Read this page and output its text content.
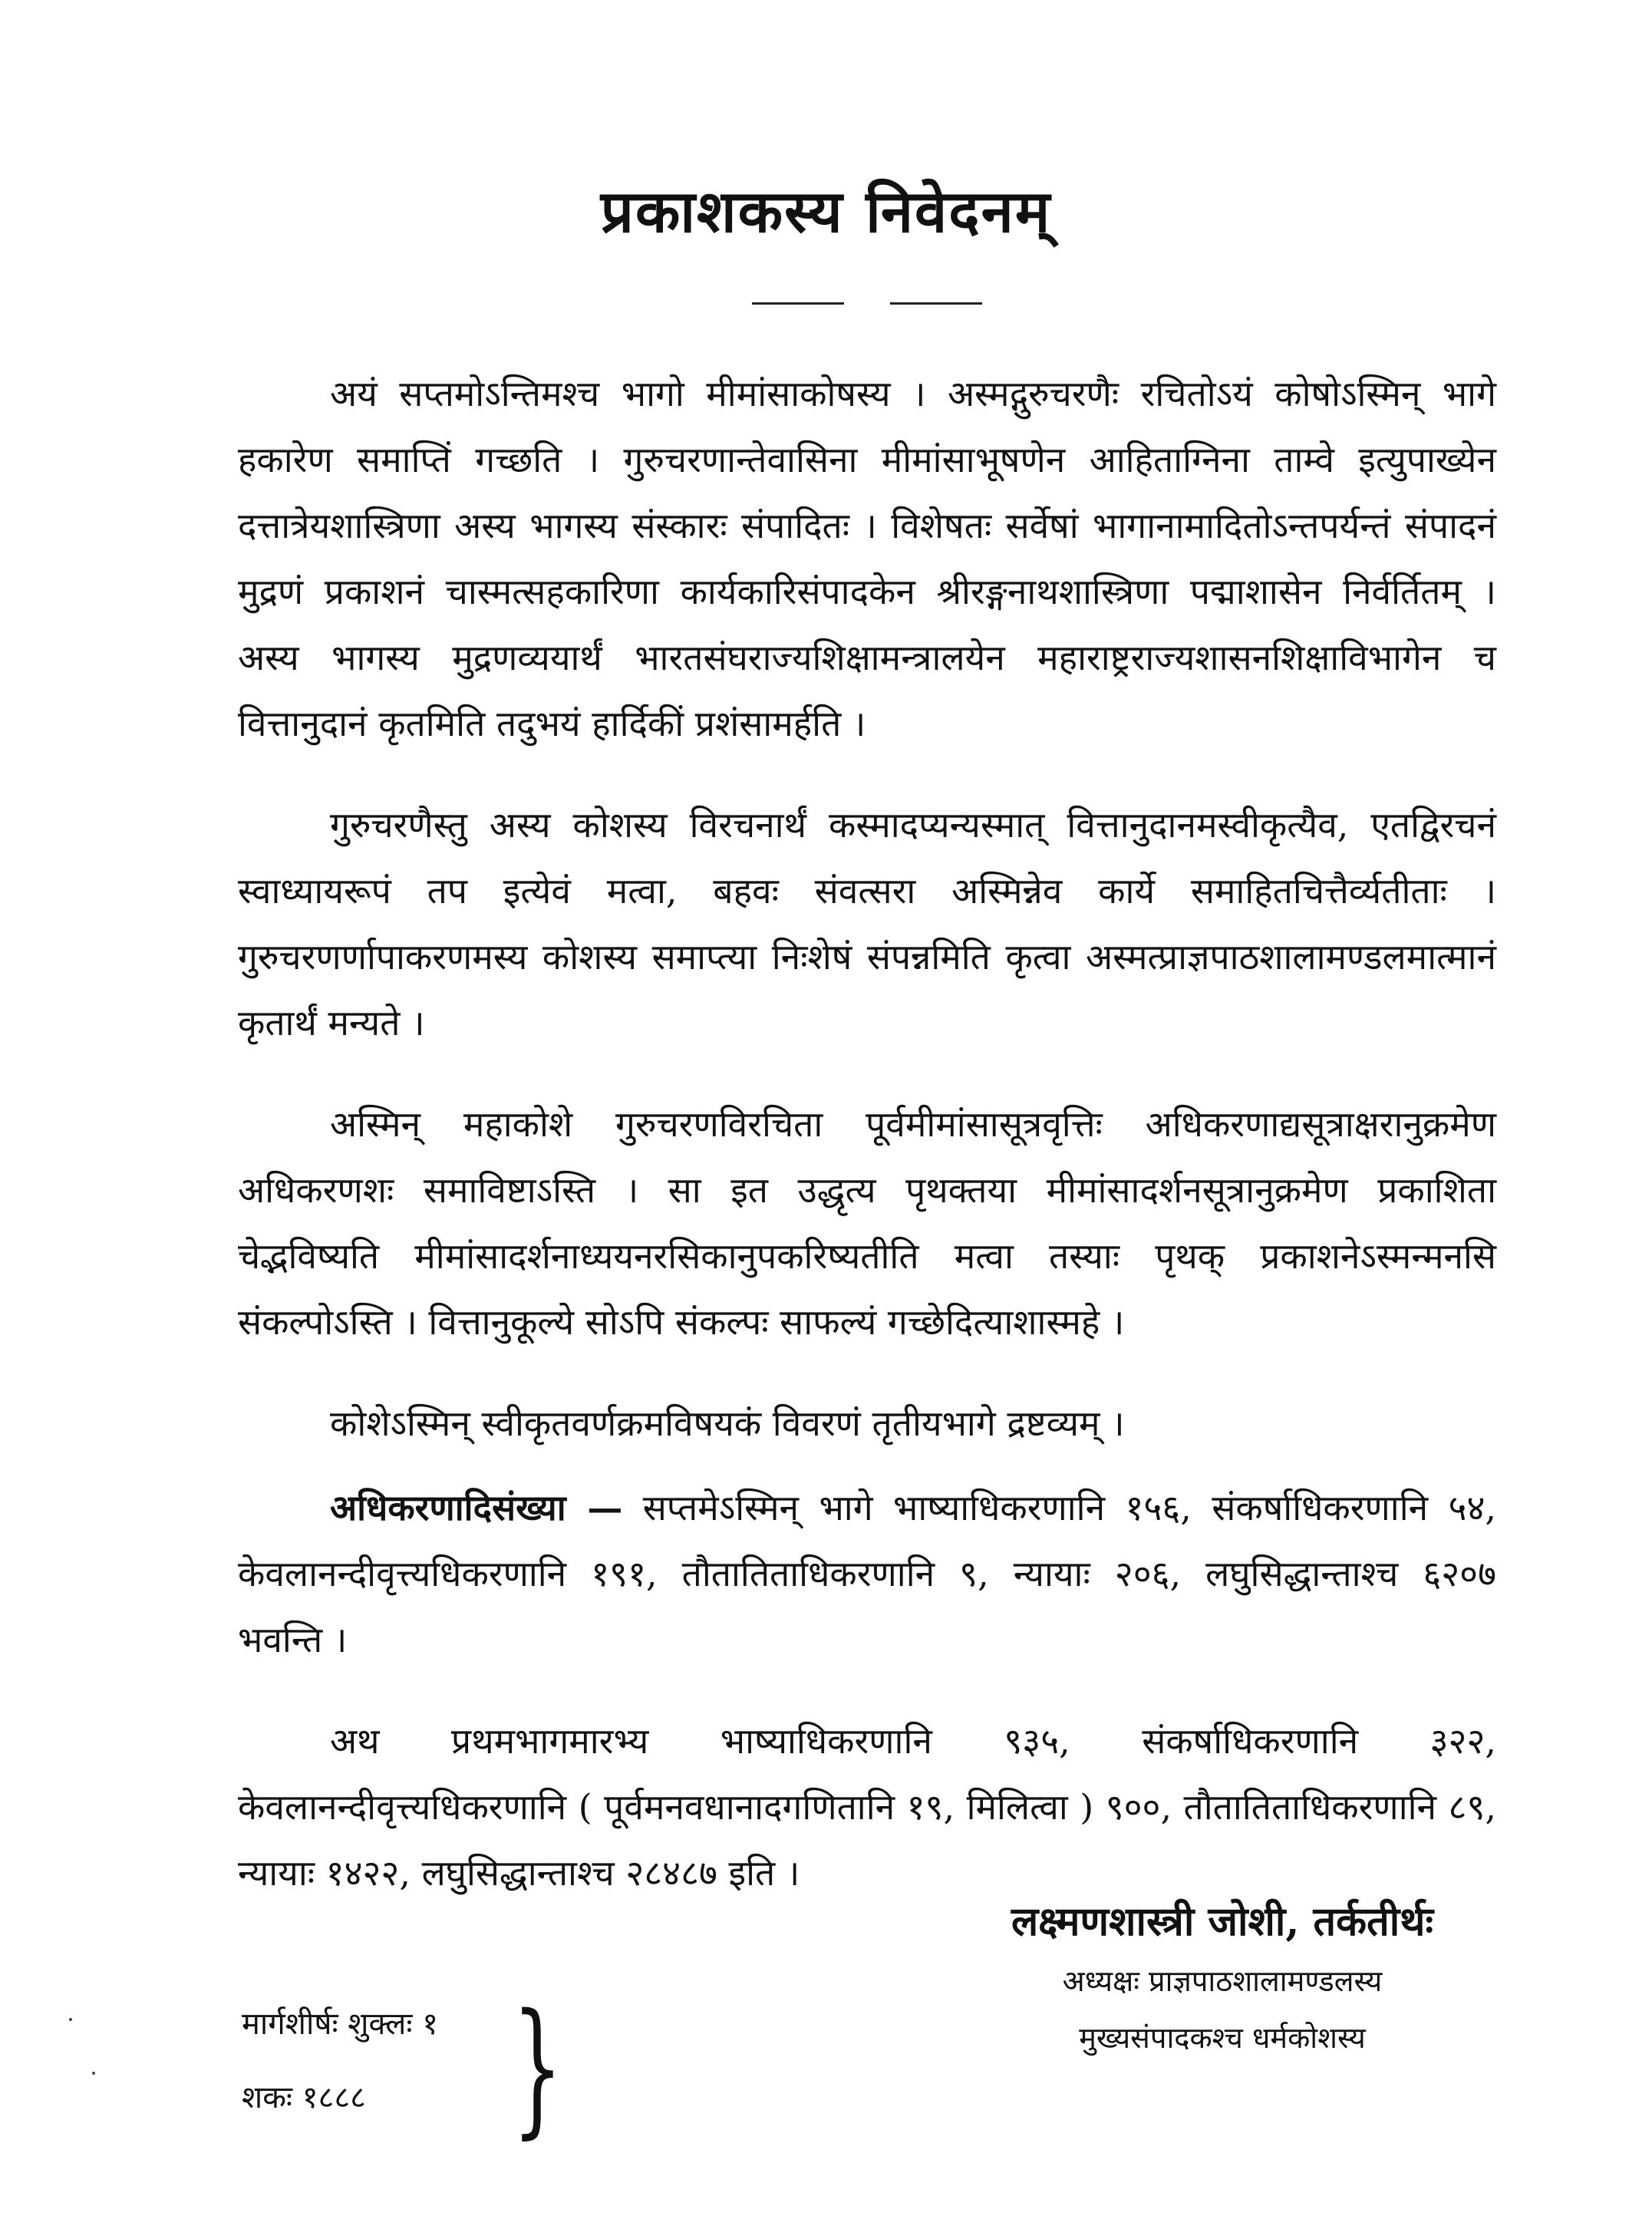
प्रकाशकस्य निवेदनम्

अयं सप्तमोऽन्तिमश्च भागो मीमांसाकोषस्य । अस्मद्गुरुचरणैः रचितोऽयं कोषोऽस्मिन् भागे हकारेण समाप्तिं गच्छति । गुरुचरणान्तेवासिना मीमांसाभूषणेन आहिताग्निना ताम्वे इत्युपाख्येन दत्तात्रेयशास्त्रिणा अस्य भागस्य संस्कारः संपादितः । विशेषतः सर्वेषां भागानामादितोऽन्तपर्यन्तं संपादनं मुद्रणं प्रकाशनं चास्मत्सहकारिणा कार्यकारिसंपादकेन श्रीरङ्गनाथशास्त्रिणा पद्माशासेन निर्वर्तितम् । अस्य भागस्य मुद्रणव्ययार्थं भारतसंघराज्यशिक्षामन्त्रालयेन महाराष्ट्रराज्यशासनशिक्षाविभागेन च वित्तानुदानं कृतमिति तदुभयं हार्दिकीं प्रशंसामर्हति ।

गुरुचरणैस्तु अस्य कोशस्य विरचनार्थं कस्मादप्यन्यस्मात् वित्तानुदानमस्वीकृत्यैव, एतद्विरचनं स्वाध्यायरूपं तप इत्येवं मत्वा, बहवः संवत्सरा अस्मिन्नेव कार्ये समाहितचित्तैर्व्यतीताः । गुरुचरणर्णापाकरणमस्य कोशस्य समाप्त्या निःशेषं संपन्नमिति कृत्वा अस्मत्प्राज्ञपाठशालामण्डलमात्मानं कृतार्थं मन्यते ।

अस्मिन् महाकोशे गुरुचरणविरचिता पूर्वमीमांसासूत्रवृत्तिः अधिकरणाद्यसूत्राक्षरानुक्रमेण अधिकरणशः समाविष्टाऽस्ति । सा इत उद्धृत्य पृथक्तया मीमांसादर्शनसूत्रानुक्रमेण प्रकाशिता चेद्भविष्यति मीमांसादर्शनाध्ययनरसिकानुपकरिष्यतीति मत्वा तस्याः पृथक् प्रकाशनेऽस्मन्मनसि संकल्पोऽस्ति । वित्तानुकूल्ये सोऽपि संकल्पः साफल्यं गच्छेदित्याशास्महे ।

कोशेऽस्मिन् स्वीकृतवर्णक्रमविषयकं विवरणं तृतीयभागे द्रष्टव्यम् ।

अधिकरणादिसंख्या — सप्तमेऽस्मिन् भागे भाष्याधिकरणानि १५६, संकर्षाधिकरणानि ५४, केवलानन्दीवृत्त्यधिकरणानि १९१, तौतातिताधिकरणानि ९, न्यायाः २०६, लघुसिद्धान्ताश्च ६२०७ भवन्ति ।

अथ प्रथमभागमारभ्य भाष्याधिकरणानि ९३५, संकर्षाधिकरणानि ३२२, केवलानन्दीवृत्त्यधिकरणानि ( पूर्वमनवधानादगणितानि १९, मिलित्वा ) ९००, तौतातिताधिकरणानि ८९, न्यायाः १४२२, लघुसिद्धान्ताश्च २८४८७ इति ।

लक्ष्मणशास्त्री जोशी, तर्कतीर्थः
अध्यक्षः प्राज्ञपाठशालामण्डलस्य
मुख्यसंपादकश्च धर्मकोशस्य
मार्गशीर्षः शुक्लः १
शकः १८८८	}
